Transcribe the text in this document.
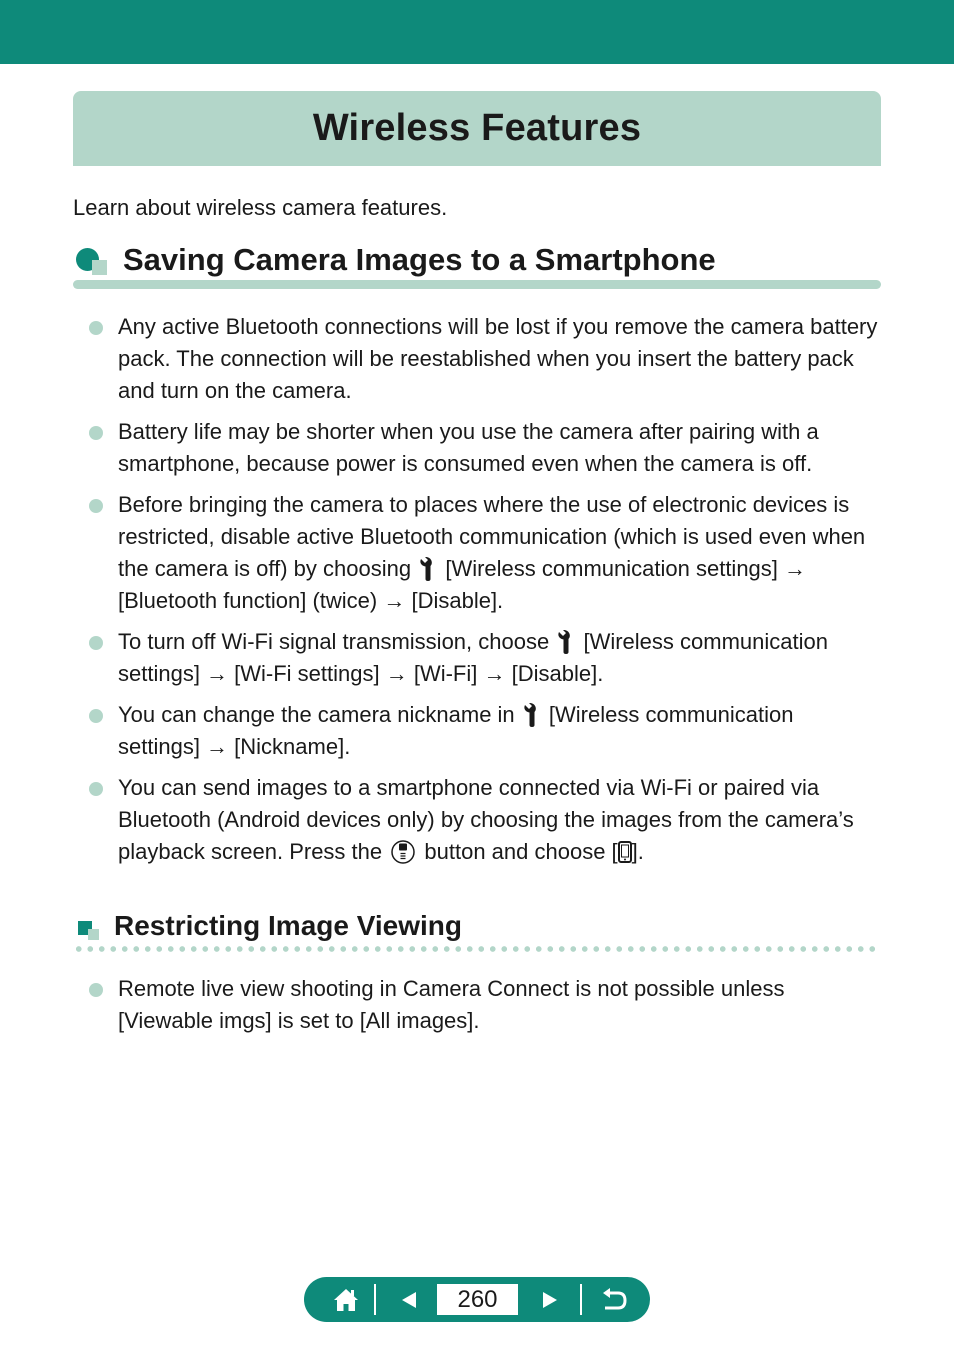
Wireless Features

Learn about wireless camera features.

Saving Camera Images to a Smartphone
Any active Bluetooth connections will be lost if you remove the camera battery pack. The connection will be reestablished when you insert the battery pack and turn on the camera.
Battery life may be shorter when you use the camera after pairing with a smartphone, because power is consumed even when the camera is off.
Before bringing the camera to places where the use of electronic devices is restricted, disable active Bluetooth communication (which is used even when the camera is off) by choosing [Wireless communication settings] → [Bluetooth function] (twice) → [Disable].
To turn off Wi-Fi signal transmission, choose [Wireless communication settings] → [Wi-Fi settings] → [Wi-Fi] → [Disable].
You can change the camera nickname in [Wireless communication settings] → [Nickname].
You can send images to a smartphone connected via Wi-Fi or paired via Bluetooth (Android devices only) by choosing the images from the camera’s playback screen. Press the button and choose [ ].
Restricting Image Viewing
Remote live view shooting in Camera Connect is not possible unless [Viewable imgs] is set to [All images].
260
